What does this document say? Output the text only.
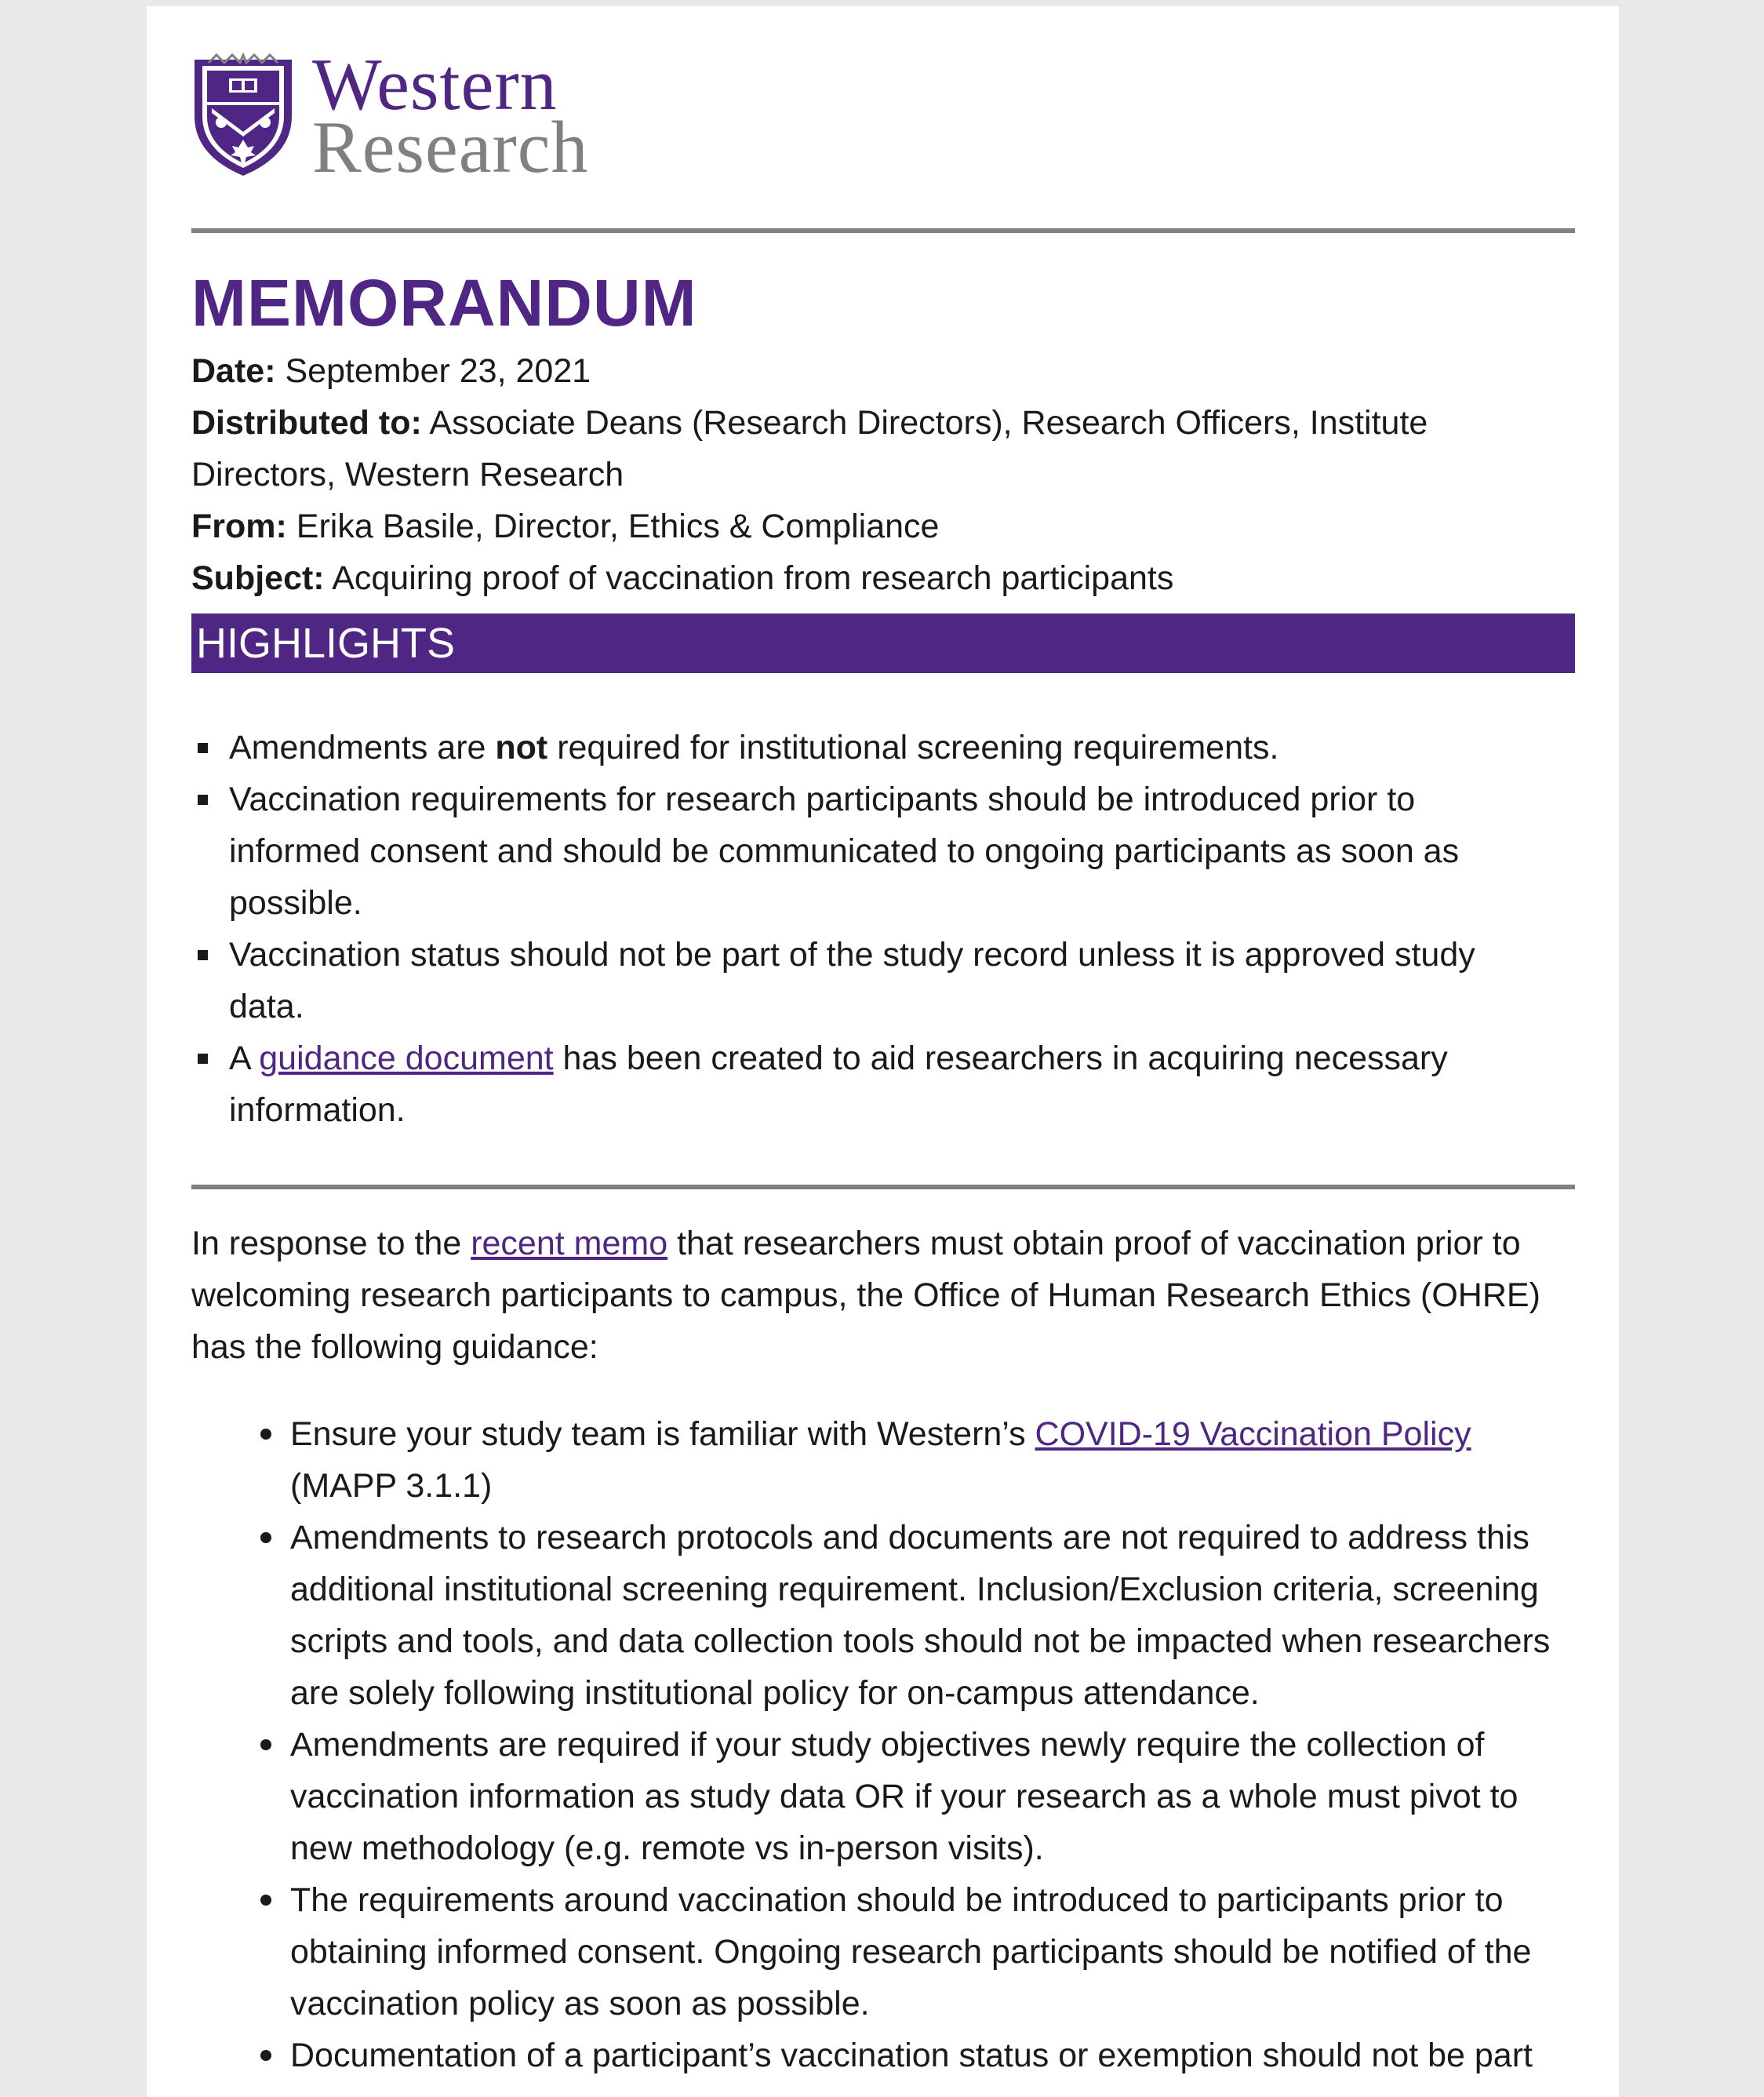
Western
Research
MEMORANDUM

Date: September 23, 2021

Distributed to: Associate Deans (Research Directors), Research Officers, Institute Directors, Western Research

From: Erika Basile, Director, Ethics & Compliance

Subject: Acquiring proof of vaccination from research participants

HIGHLIGHTS
Amendments are not required for institutional screening requirements.
Vaccination requirements for research participants should be introduced prior to informed consent and should be communicated to ongoing participants as soon as possible.
Vaccination status should not be part of the study record unless it is approved study data.
A guidance document has been created to aid researchers in acquiring necessary information.

In response to the recent memo that researchers must obtain proof of vaccination prior to welcoming research participants to campus, the Office of Human Research Ethics (OHRE) has the following guidance:

Ensure your study team is familiar with Western’s COVID-19 Vaccination Policy (MAPP 3.1.1)
Amendments to research protocols and documents are not required to address this additional institutional screening requirement. Inclusion/Exclusion criteria, screening scripts and tools, and data collection tools should not be impacted when researchers are solely following institutional policy for on-campus attendance.
Amendments are required if your study objectives newly require the collection of vaccination information as study data OR if your research as a whole must pivot to new methodology (e.g. remote vs in-person visits).
The requirements around vaccination should be introduced to participants prior to obtaining informed consent. Ongoing research participants should be notified of the vaccination policy as soon as possible.
Documentation of a participant’s vaccination status or exemption should not be part
